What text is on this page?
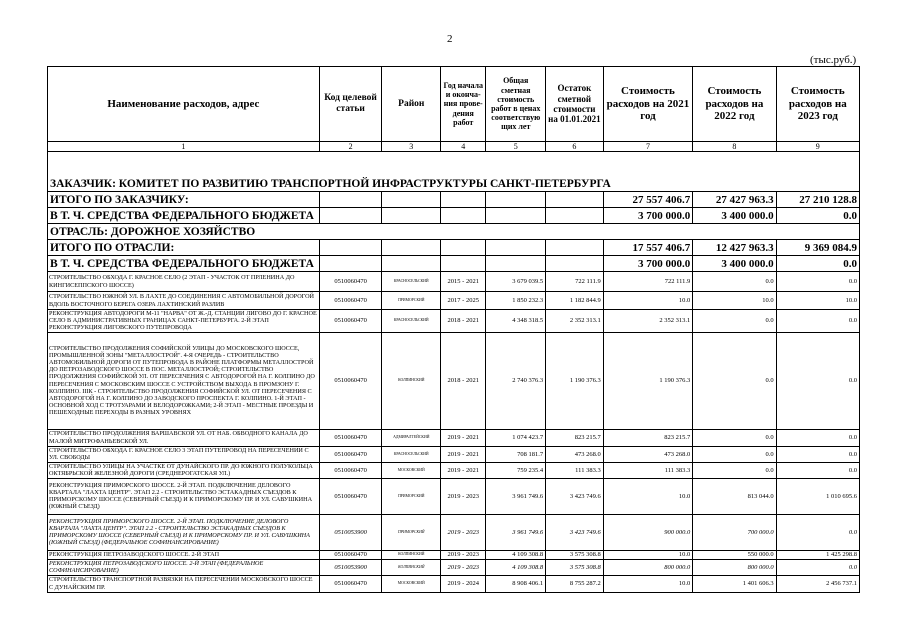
2
(тыс.руб.)
Наименование расходов, адрес	Код целевой статьи	Район	Год начала и оконча-ния прове-дения работ	Общая сметная стоимость работ в ценах соответствую щих лет	Остаток сметной стоимости на 01.01.2021	Стоимость расходов на 2021 год	Стоимость расходов на 2022 год	Стоимость расходов на 2023 год
1	2	3	4	5	6	7	8	9

ЗАКАЗЧИК: КОМИТЕТ ПО РАЗВИТИЮ ТРАНСПОРТНОЙ ИНФРАСТРУКТУРЫ САНКТ-ПЕТЕРБУРГА								
ИТОГО ПО ЗАКАЗЧИКУ:						27 557 406.7	27 427 963.3	27 210 128.8
В Т. Ч. СРЕДСТВА ФЕДЕРАЛЬНОГО БЮДЖЕТА						3 700 000.0	3 400 000.0	0.0
ОТРАСЛЬ: ДОРОЖНОЕ ХОЗЯЙСТВО								
ИТОГО ПО ОТРАСЛИ:						17 557 406.7	12 427 963.3	9 369 084.9
В Т. Ч. СРЕДСТВА ФЕДЕРАЛЬНОГО БЮДЖЕТА						3 700 000.0	3 400 000.0	0.0
СТРОИТЕЛЬСТВО ОБХОДА Г. КРАСНОЕ СЕЛО (2 ЭТАП - УЧАСТОК ОТ ПРЛЕНИНА ДО КИНГИСЕППСКОГО ШОССЕ)	0510060470	КРАСНОСЕЛЬСКИЙ	2015 - 2021	3 679 039.5	722 111.9	722 111.9	0.0	0.0
СТРОИТЕЛЬСТВО ЮЖНОЙ УЛ. В ЛАХТЕ ДО СОЕДИНЕНИЯ С АВТОМОБИЛЬНОЙ ДОРОГОЙ ВДОЛЬ ВОСТОЧНОГО БЕРЕГА ОЗЕРА ЛАХТИНСКИЙ РАЗЛИВ	0510060470	ПРИМОРСКИЙ	2017 - 2025	1 850 232.3	1 182 844.9	10.0	10.0	10.0
РЕКОНСТРУКЦИЯ АВТОДОРОГИ М-11 "НАРВА" ОТ Ж.-Д. СТАНЦИИ ЛИГОВО ДО Г. КРАСНОЕ СЕЛО В АДМИНИСТРАТИВНЫХ ГРАНИЦАХ САНКТ-ПЕТЕРБУРГА. 2-Й ЭТАП РЕКОНСТРУКЦИЯ ЛИГОВСКОГО ПУТЕПРОВОДА	0510060470	КРАСНОСЕЛЬСКИЙ	2018 - 2021	4 348 318.5	2 352 313.1	2 352 313.1	0.0	0.0
СТРОИТЕЛЬСТВО ПРОДОЛЖЕНИЯ СОФИЙСКОЙ УЛИЦЫ ДО МОСКОВСКОГО ШОССЕ, ПРОМЫШЛЕННОЙ ЗОНЫ "МЕТАЛЛОСТРОЙ". 4-Я ОЧЕРЕДЬ - СТРОИТЕЛЬСТВО АВТОМОБИЛЬНОЙ ДОРОГИ ОТ ПУТЕПРОВОДА В РАЙОНЕ ПЛАТФОРМЫ МЕТАЛЛОСТРОЙ ДО ПЕТРОЗАВОДСКОГО ШОССЕ В ПОС. МЕТАЛЛОСТРОЙ; СТРОИТЕЛЬСТВО ПРОДОЛЖЕНИЯ СОФИЙСКОЙ УЛ. ОТ ПЕРЕСЕЧЕНИЯ С АВТОДОРОГОЙ НА Г. КОЛПИНО ДО ПЕРЕСЕЧЕНИЯ С МОСКОВСКИМ ШОССЕ С УСТРОЙСТВОМ ВЫХОДА В ПРОМЗОНУ Г. КОЛПИНО. IIIК - СТРОИТЕЛЬСТВО ПРОДОЛЖЕНИЯ СОФИЙСКОЙ УЛ. ОТ ПЕРЕСЕЧЕНИЯ С АВТОДОРОГОЙ НА Г. КОЛПИНО ДО ЗАВОДСКОГО ПРОСПЕКТА Г. КОЛПИНО. 1-Й ЭТАП - ОСНОВНОЙ ХОД С ТРОТУАРАМИ И ВЕЛОДОРОЖКАМИ; 2-Й ЭТАП - МЕСТНЫЕ ПРОЕЗДЫ И ПЕШЕХОДНЫЕ ПЕРЕХОДЫ В РАЗНЫХ УРОВНЯХ	0510060470	КОЛПИНСКИЙ	2018 - 2021	2 740 376.3	1 190 376.3	1 190 376.3	0.0	0.0
СТРОИТЕЛЬСТВО ПРОДОЛЖЕНИЯ ВАРШАВСКОЙ УЛ. ОТ НАБ. ОБВОДНОГО КАНАЛА ДО МАЛОЙ МИТРОФАНЬЕВСКОЙ УЛ.	0510060470	АДМИРАЛТЕЙСКИЙ	2019 - 2021	1 074 423.7	823 215.7	823 215.7	0.0	0.0
СТРОИТЕЛЬСТВО ОБХОДА Г. КРАСНОЕ СЕЛО 3 ЭТАП ПУТЕПРОВОД НА ПЕРЕСЕЧЕНИИ С УЛ. СВОБОДЫ	0510060470	КРАСНОСЕЛЬСКИЙ	2019 - 2021	708 181.7	473 268.0	473 268.0	0.0	0.0
СТРОИТЕЛЬСТВО УЛИЦЫ НА УЧАСТКЕ ОТ ДУНАЙСКОГО ПР. ДО ЮЖНОГО ПОЛУКОЛЬЦА ОКТЯБРЬСКОЙ ЖЕЛЕЗНОЙ ДОРОГИ (СРЕДНЕРОГАТСКАЯ УЛ.)	0510060470	МОСКОВСКИЙ	2019 - 2021	759 235.4	111 383.3	111 383.3	0.0	0.0
РЕКОНСТРУКЦИЯ ПРИМОРСКОГО ШОССЕ. 2-Й ЭТАП. ПОДКЛЮЧЕНИЕ ДЕЛОВОГО КВАРТАЛА "ЛАХТА ЦЕНТР". ЭТАП 2.2 - СТРОИТЕЛЬСТВО ЭСТАКАДНЫХ СЪЕЗДОВ К ПРИМОРСКОМУ ШОССЕ (СЕВЕРНЫЙ СЪЕЗД) И К ПРИМОРСКОМУ ПР. И УЛ. САВУШКИНА (ЮЖНЫЙ СЪЕЗД)	0510060470	ПРИМОРСКИЙ	2019 - 2023	3 961 749.6	3 423 749.6	10.0	813 044.0	1 010 695.6
РЕКОНСТРУКЦИЯ ПРИМОРСКОГО ШОССЕ. 2-Й ЭТАП. ПОДКЛЮЧЕНИЕ ДЕЛОВОГО КВАРТАЛА "ЛАХТА ЦЕНТР". ЭТАП 2.2 - СТРОИТЕЛЬСТВО ЭСТАКАДНЫХ СЪЕЗДОВ К ПРИМОРСКОМУ ШОССЕ (СЕВЕРНЫЙ СЪЕЗД) И К ПРИМОРСКОМУ ПР. И УЛ. САВУШКИНА (ЮЖНЫЙ СЪЕЗД) (ФЕДЕРАЛЬНОЕ СОФИНАНСИРОВАНИЕ)	0510053900	ПРИМОРСКИЙ	2019 - 2023	3 961 749.6	3 423 749.6	900 000.0	700 000.0	0.0
РЕКОНСТРУКЦИЯ ПЕТРОЗАВОДСКОГО ШОССЕ. 2-Й ЭТАП	0510060470	КОЛПИНСКИЙ	2019 - 2023	4 109 308.8	3 575 308.8	10.0	550 000.0	1 425 298.8
РЕКОНСТРУКЦИЯ ПЕТРОЗАВОДСКОГО ШОССЕ. 2-Й ЭТАП (ФЕДЕРАЛЬНОЕ СОФИНАНСИРОВАНИЕ)	0510053900	КОЛПИНСКИЙ	2019 - 2023	4 109 308.8	3 575 308.8	800 000.0	800 000.0	0.0
СТРОИТЕЛЬСТВО ТРАНСПОРТНОЙ РАЗВЯЗКИ НА ПЕРЕСЕЧЕНИИ МОСКОВСКОГО ШОССЕ С ДУНАЙСКИМ ПР.	0510060470	МОСКОВСКИЙ	2019 - 2024	8 908 406.1	8 755 287.2	10.0	1 401 606.3	2 456 737.1
